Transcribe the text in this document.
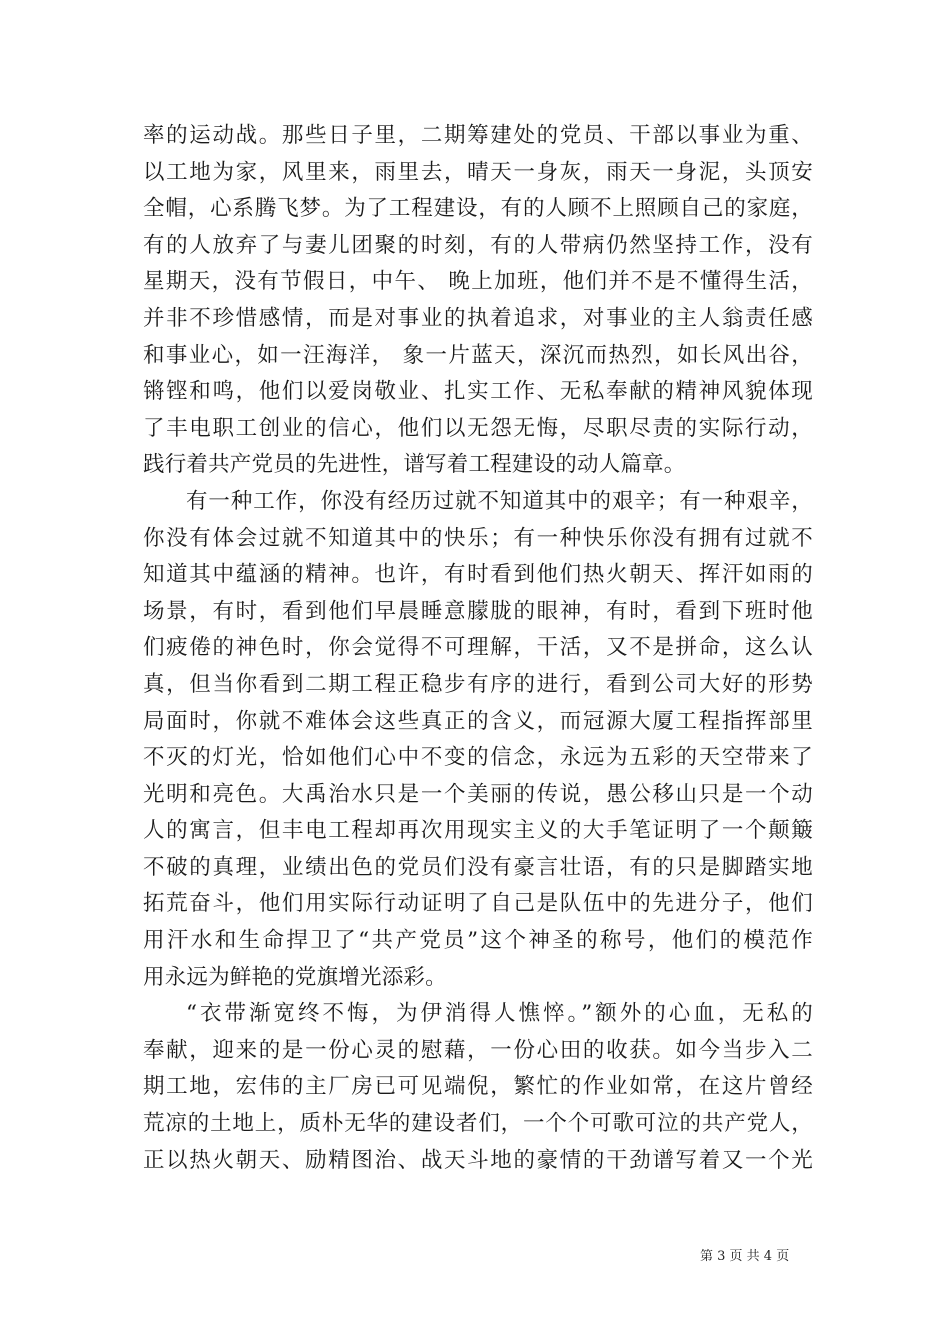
率的运动战。那些日子里，二期筹建处的党员、干部以事业为重、
以工地为家，风里来，雨里去，晴天一身灰，雨天一身泥，头顶安
全帽，心系腾飞梦。为了工程建设，有的人顾不上照顾自己的家庭，
有的人放弃了与妻儿团聚的时刻，有的人带病仍然坚持工作，没有
星期天，没有节假日，中午、 晚上加班，他们并不是不懂得生活，
并非不珍惜感情，而是对事业的执着追求，对事业的主人翁责任感
和事业心，如一汪海洋， 象一片蓝天，深沉而热烈，如长风出谷，
锵铿和鸣，他们以爱岗敬业、扎实工作、无私奉献的精神风貌体现
了丰电职工创业的信心，他们以无怨无悔，尽职尽责的实际行动，
践行着共产党员的先进性，谱写着工程建设的动人篇章。
有一种工作，你没有经历过就不知道其中的艰辛；有一种艰辛，
你没有体会过就不知道其中的快乐；有一种快乐你没有拥有过就不
知道其中蕴涵的精神。也许，有时看到他们热火朝天、挥汗如雨的
场景，有时，看到他们早晨睡意朦胧的眼神，有时，看到下班时他
们疲倦的神色时，你会觉得不可理解，干活，又不是拼命，这么认
真，但当你看到二期工程正稳步有序的进行，看到公司大好的形势
局面时，你就不难体会这些真正的含义，而冠源大厦工程指挥部里
不灭的灯光，恰如他们心中不变的信念，永远为五彩的天空带来了
光明和亮色。大禹治水只是一个美丽的传说，愚公移山只是一个动
人的寓言，但丰电工程却再次用现实主义的大手笔证明了一个颠簸
不破的真理，业绩出色的党员们没有豪言壮语，有的只是脚踏实地
拓荒奋斗，他们用实际行动证明了自己是队伍中的先进分子，他们
用汗水和生命捍卫了“共产党员”这个神圣的称号，他们的模范作
用永远为鲜艳的党旗增光添彩。
“衣带渐宽终不悔，为伊消得人憔悴。”额外的心血，无私的
奉献，迎来的是一份心灵的慰藉，一份心田的收获。如今当步入二
期工地，宏伟的主厂房已可见端倪，繁忙的作业如常，在这片曾经
荒凉的土地上，质朴无华的建设者们，一个个可歌可泣的共产党人，
正以热火朝天、励精图治、战天斗地的豪情的干劲谱写着又一个光
第 3 页 共 4 页
